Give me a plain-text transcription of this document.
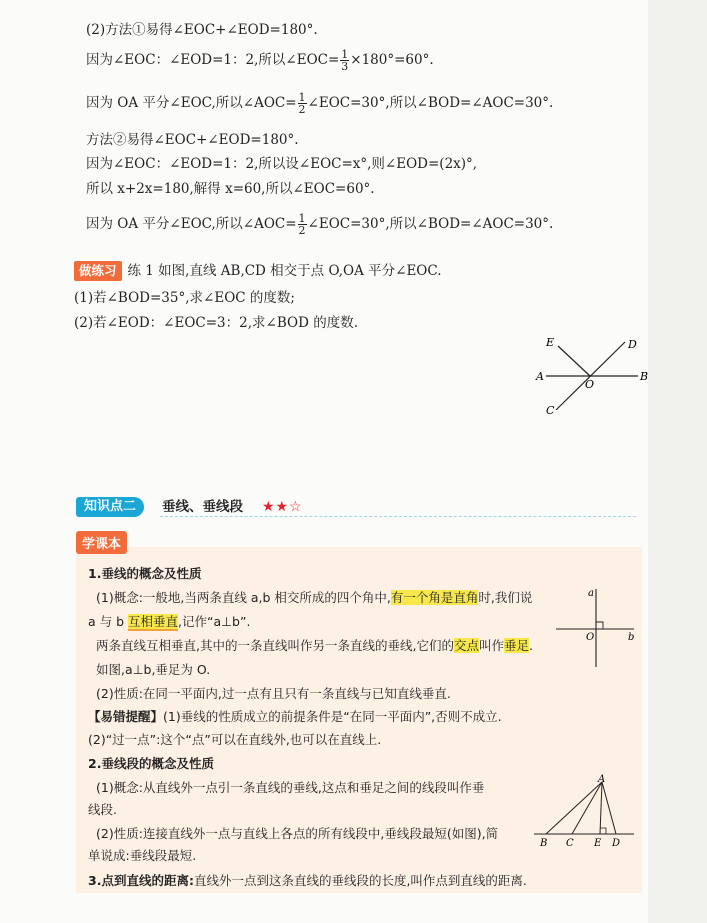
(2)方法①易得∠EOC+∠EOD=180°.
因为∠EOC：∠EOD=1：2,所以∠EOC= $\frac{1}{3} \times 180^\circ=60^\circ$.
因为 OA 平分∠EOC,所以∠AOC= $\frac{1}{2}$ ∠EOC=30°,所以∠BOD=∠AOC=30°.
方法②易得∠EOC+∠EOD=180°.
因为∠EOC：∠EOD=1：2,所以设∠EOC=x°,则∠EOD=(2x)°,
所以 x+2x=180,解得 x=60,所以∠EOC=60°.
因为 OA 平分∠EOC,所以∠AOC= $\frac{1}{2}$ ∠EOC=30°,所以∠BOD=∠AOC=30°.
做练习 练 1 如图,直线 AB,CD 相交于点 O,OA 平分∠EOC.
(1)若∠BOD=35°,求∠EOC 的度数;
(2)若∠EOD：∠EOC=3：2,求∠BOD 的度数.
E	D
A
O
B
C
知识点二	垂线、垂线段 ★★☆
学课本
1.垂线的概念及性质
(1)概念:一般地,当两条直线 a,b 相交所成的四个角中,有一个角是直角时,我们说
a 与 b 互相垂直,记作“a⊥b”.
两条直线互相垂直,其中的一条直线叫作另一条直线的垂线,它们的交点叫作垂足.
如图,a⊥b,垂足为 O.
(2)性质:在同一平面内,过一点有且只有一条直线与已知直线垂直.
【易错提醒】(1)垂线的性质成立的前提条件是“在同一平面内”,否则不成立.
(2)“过一点”:这个“点”可以在直线外,也可以在直线上.
2.垂线段的概念及性质
(1)概念:从直线外一点引一条直线的垂线,这点和垂足之间的线段叫作垂
线段.
(2)性质:连接直线外一点与直线上各点的所有线段中,垂线段最短(如图),简
单说成:垂线段最短.
3.点到直线的距离:直线外一点到这条直线的垂线段的长度,叫作点到直线的距离.
a
O	b
A
B C E D
